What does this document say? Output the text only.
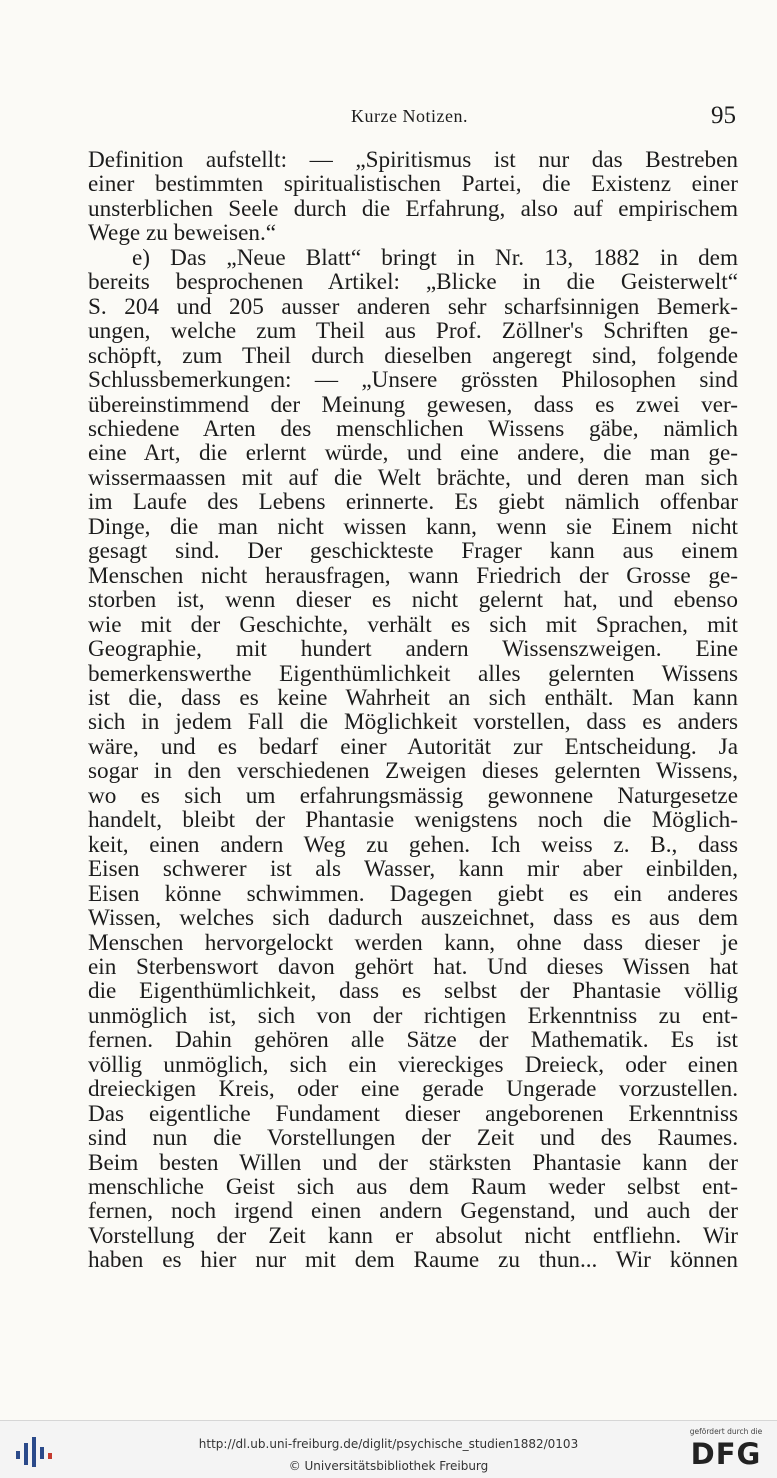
Kurze Notizen.	95
Definition aufstellt: — „Spiritismus ist nur das Bestreben
einer bestimmten spiritualistischen Partei, die Existenz einer
unsterblichen Seele durch die Erfahrung, also auf empirischem
Wege zu beweisen.“
e) Das „Neue Blatt“ bringt in Nr. 13, 1882 in dem
bereits besprochenen Artikel: „Blicke in die Geisterwelt“
S. 204 und 205 ausser anderen sehr scharfsinnigen Bemerk-
ungen, welche zum Theil aus Prof. Zöllner's Schriften ge-
schöpft, zum Theil durch dieselben angeregt sind, folgende
Schlussbemerkungen: — „Unsere grössten Philosophen sind
übereinstimmend der Meinung gewesen, dass es zwei ver-
schiedene Arten des menschlichen Wissens gäbe, nämlich
eine Art, die erlernt würde, und eine andere, die man ge-
wissermaassen mit auf die Welt brächte, und deren man sich
im Laufe des Lebens erinnerte. Es giebt nämlich offenbar
Dinge, die man nicht wissen kann, wenn sie Einem nicht
gesagt sind. Der geschickteste Frager kann aus einem
Menschen nicht herausfragen, wann Friedrich der Grosse ge-
storben ist, wenn dieser es nicht gelernt hat, und ebenso
wie mit der Geschichte, verhält es sich mit Sprachen, mit
Geographie, mit hundert andern Wissenszweigen. Eine
bemerkenswerthe Eigenthümlichkeit alles gelernten Wissens
ist die, dass es keine Wahrheit an sich enthält. Man kann
sich in jedem Fall die Möglichkeit vorstellen, dass es anders
wäre, und es bedarf einer Autorität zur Entscheidung. Ja
sogar in den verschiedenen Zweigen dieses gelernten Wissens,
wo es sich um erfahrungsmässig gewonnene Naturgesetze
handelt, bleibt der Phantasie wenigstens noch die Möglich-
keit, einen andern Weg zu gehen. Ich weiss z. B., dass
Eisen schwerer ist als Wasser, kann mir aber einbilden,
Eisen könne schwimmen. Dagegen giebt es ein anderes
Wissen, welches sich dadurch auszeichnet, dass es aus dem
Menschen hervorgelockt werden kann, ohne dass dieser je
ein Sterbenswort davon gehört hat. Und dieses Wissen hat
die Eigenthümlichkeit, dass es selbst der Phantasie völlig
unmöglich ist, sich von der richtigen Erkenntniss zu ent-
fernen. Dahin gehören alle Sätze der Mathematik. Es ist
völlig unmöglich, sich ein viereckiges Dreieck, oder einen
dreieckigen Kreis, oder eine gerade Ungerade vorzustellen.
Das eigentliche Fundament dieser angeborenen Erkenntniss
sind nun die Vorstellungen der Zeit und des Raumes.
Beim besten Willen und der stärksten Phantasie kann der
menschliche Geist sich aus dem Raum weder selbst ent-
fernen, noch irgend einen andern Gegenstand, und auch der
Vorstellung der Zeit kann er absolut nicht entfliehn. Wir
haben es hier nur mit dem Raume zu thun... Wir können
http://dl.ub.uni-freiburg.de/diglit/psychische_studien1882/0103
© Universitätsbibliothek Freiburg
gefördert durch die
DFG
